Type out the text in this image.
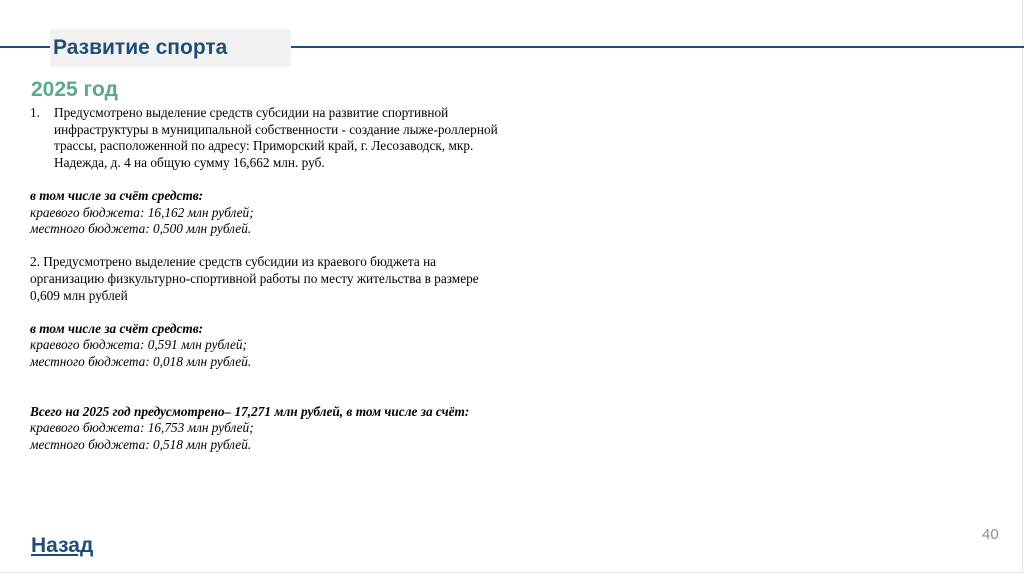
Развитие спорта
2025 год
1.	Предусмотрено выделение средств субсидии на развитие спортивной инфраструктуры в муниципальной собственности - создание лыже-роллерной трассы, расположенной по адресу: Приморский край, г. Лесозаводск, мкр. Надежда, д. 4 на общую сумму 16,662 млн. руб.
в том числе за счёт средств:
краевого бюджета: 16,162 млн рублей;
местного бюджета: 0,500 млн рублей.
2. Предусмотрено выделение средств субсидии из краевого бюджета на организацию физкультурно-спортивной работы по месту жительства в размере 0,609 млн рублей
в том числе за счёт средств:
краевого бюджета: 0,591 млн рублей;
местного бюджета: 0,018 млн рублей.
Всего на 2025 год предусмотрено– 17,271 млн рублей, в том числе за счёт:
краевого бюджета: 16,753 млн рублей;
местного бюджета: 0,518 млн рублей.
Назад	40
